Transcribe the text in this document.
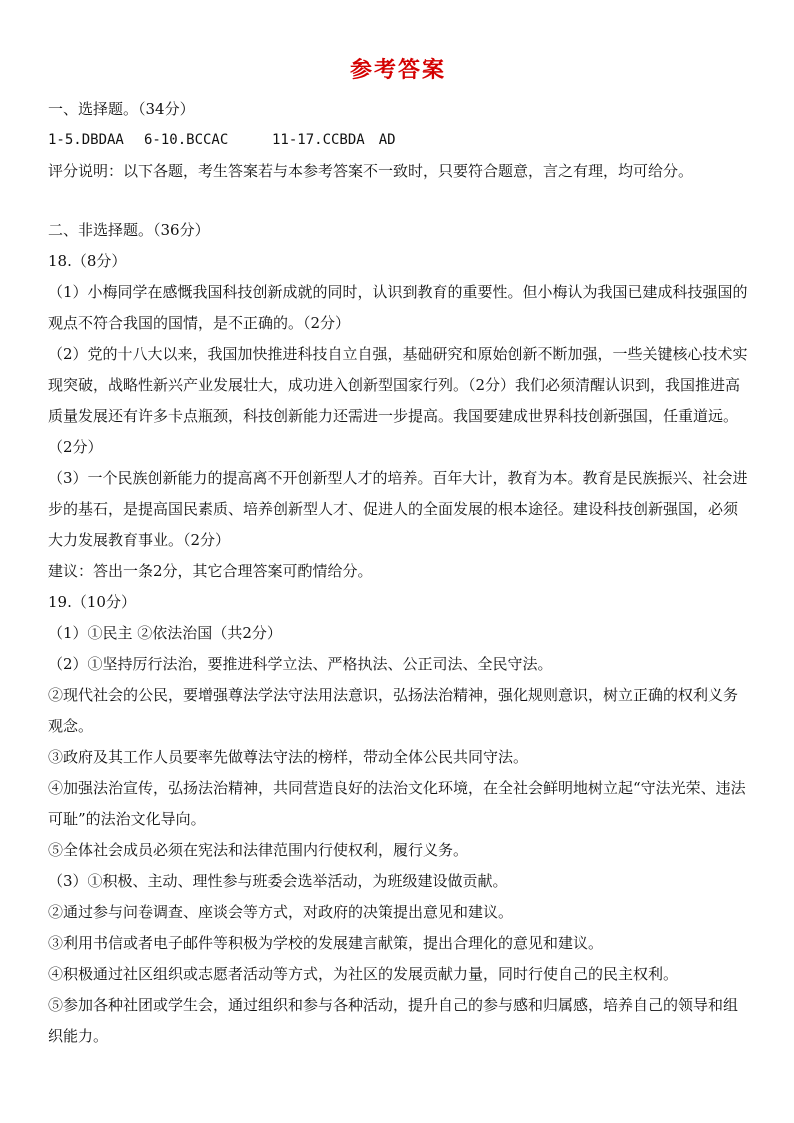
参考答案
一、选择题。（34分）
1-5.DBDAA 6-10.BCCAC	11-17.CCBDA　AD
评分说明：以下各题，考生答案若与本参考答案不一致时，只要符合题意，言之有理，均可给分。
二、非选择题。（36分）
18.（8分）
（1）小梅同学在感慨我国科技创新成就的同时，认识到教育的重要性。但小梅认为我国已建成科技强国的观点不符合我国的国情，是不正确的。（2分）
（2）党的十八大以来，我国加快推进科技自立自强，基础研究和原始创新不断加强，一些关键核心技术实现突破，战略性新兴产业发展壮大，成功进入创新型国家行列。（2分）我们必须清醒认识到，我国推进高质量发展还有许多卡点瓶颈，科技创新能力还需进一步提高。我国要建成世界科技创新强国，任重道远。（2分）
（3）一个民族创新能力的提高离不开创新型人才的培养。百年大计，教育为本。教育是民族振兴、社会进步的基石，是提高国民素质、培养创新型人才、促进人的全面发展的根本途径。建设科技创新强国，必须大力发展教育事业。（2分）
建议：答出一条2分，其它合理答案可酌情给分。
19.（10分）
（1）①民主 ②依法治国（共2分）
（2）①坚持厉行法治，要推进科学立法、严格执法、公正司法、全民守法。
②现代社会的公民，要增强尊法学法守法用法意识，弘扬法治精神，强化规则意识，树立正确的权利义务观念。
③政府及其工作人员要率先做尊法守法的榜样，带动全体公民共同守法。
④加强法治宣传，弘扬法治精神，共同营造良好的法治文化环境，在全社会鲜明地树立起“守法光荣、违法可耻”的法治文化导向。
⑤全体社会成员必须在宪法和法律范围内行使权利，履行义务。
（3）①积极、主动、理性参与班委会选举活动，为班级建设做贡献。
②通过参与问卷调查、座谈会等方式，对政府的决策提出意见和建议。
③利用书信或者电子邮件等积极为学校的发展建言献策，提出合理化的意见和建议。
④积极通过社区组织或志愿者活动等方式，为社区的发展贡献力量，同时行使自己的民主权利。
⑤参加各种社团或学生会，通过组织和参与各种活动，提升自己的参与感和归属感，培养自己的领导和组织能力。
